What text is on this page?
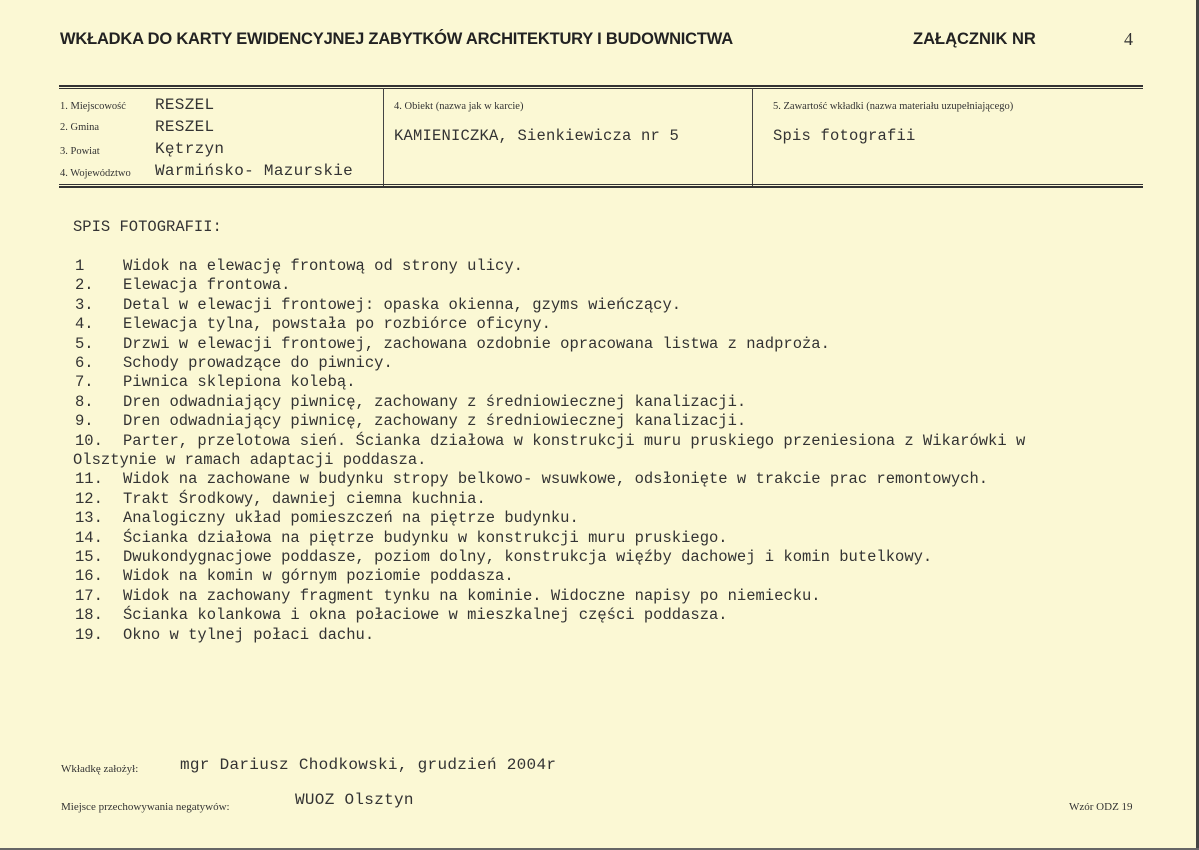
WKŁADKA DO KARTY EWIDENCYJNEJ ZABYTKÓW ARCHITEKTURY I BUDOWNICTWA	ZAŁĄCZNIK NR	4
1. Miejscowość RESZEL
2. Gmina	RESZEL
3. Powiat	Kętrzyn
4. Województwo Warmińsko- Mazurskie
4. Obiekt (nazwa jak w karcie)
KAMIENICZKA, Sienkiewicza nr 5
5. Zawartość wkładki (nazwa materiału uzupełniającego)
Spis fotografii
SPIS FOTOGRAFII:
1 Widok na elewację frontową od strony ulicy.
2. Elewacja frontowa.
3. Detal w elewacji frontowej: opaska okienna, gzyms wieńczący.
4. Elewacja tylna, powstała po rozbiórce oficyny.
5. Drzwi w elewacji frontowej, zachowana ozdobnie opracowana listwa z nadproża.
6. Schody prowadzące do piwnicy.
7. Piwnica sklepiona kolebą.
8. Dren odwadniający piwnicę, zachowany z średniowiecznej kanalizacji.
9. Dren odwadniający piwnicę, zachowany z średniowiecznej kanalizacji.
10. Parter, przelotowa sień. Ścianka działowa w konstrukcji muru pruskiego przeniesiona z Wikarówki w
Olsztynie w ramach adaptacji poddasza.
11. Widok na zachowane w budynku stropy belkowo- wsuwkowe, odsłonięte w trakcie prac remontowych.
12. Trakt Środkowy, dawniej ciemna kuchnia.
13. Analogiczny układ pomieszczeń na piętrze budynku.
14. Ścianka działowa na piętrze budynku w konstrukcji muru pruskiego.
15. Dwukondygnacjowe poddasze, poziom dolny, konstrukcja więźby dachowej i komin butelkowy.
16. Widok na komin w górnym poziomie poddasza.
17. Widok na zachowany fragment tynku na kominie. Widoczne napisy po niemiecku.
18. Ścianka kolankowa i okna połaciowe w mieszkalnej części poddasza.
19. Okno w tylnej połaci dachu.
Wkładkę założył:	mgr Dariusz Chodkowski, grudzień 2004r
Miejsce przechowywania negatywów:	WUOZ Olsztyn	Wzór ODZ 19
